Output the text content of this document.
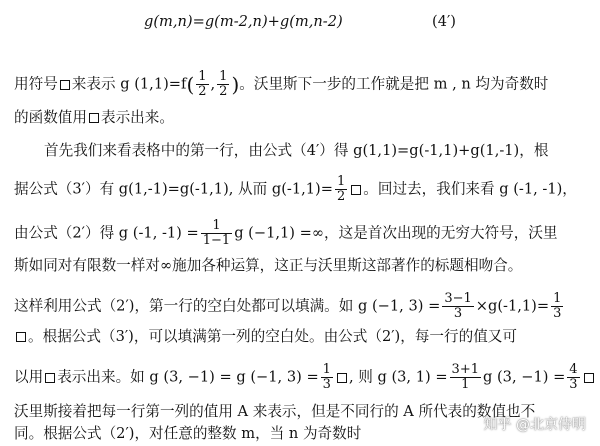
g(m,n)=g(m-2,n)+g(m,n-2)	(4′)
用符号 来表示 g $(1,1)=f( \frac{1}{2}$ , $\frac{1}{2}$ )。沃里斯下一步的工作就是把 m , n 均为奇数时
的函数值用 表示出来。
首先我们来看表格中的第一行，由公式（4′）得 g(1,1)=g(-1,1)+g(1,-1)，根
据公式（3′）有 g(1,-1)=g(-1,1), 从而 $g(-1,1)= \frac{1}{2}$ 。回过去，我们来看 g (-1, -1)，
由公式（2′）得 g (-1, $-1) = \frac{1}{1-1}$ g (−1,1) =∞，这是首次出现的无穷大符号，沃里
斯如同对有限数一样对∞施加各种运算，这正与沃里斯这部著作的标题相吻合。
这样利用公式（2′)，第一行的空白处都可以填满。如 g (−1, $3) = \frac{3-1}{3} \times g(-1,1)= \frac{1}{3}$
。根据公式（3′)，可以填满第一列的空白处。由公式（2′)，每一行的值又可
以用 表示出来。如 g (3, −1) = g (−1, $3) = \frac{1}{3}$ , 则 g (3, $1) = \frac{3+1}{1}$ g (3, $-1) = \frac{4}{3}$
沃里斯接着把每一行第一列的值用 A 来表示，但是不同行的 A 所代表的数值也不
同。根据公式（2′)，对任意的整数 m，当 n 为奇数时	知乎 @北京侍明
